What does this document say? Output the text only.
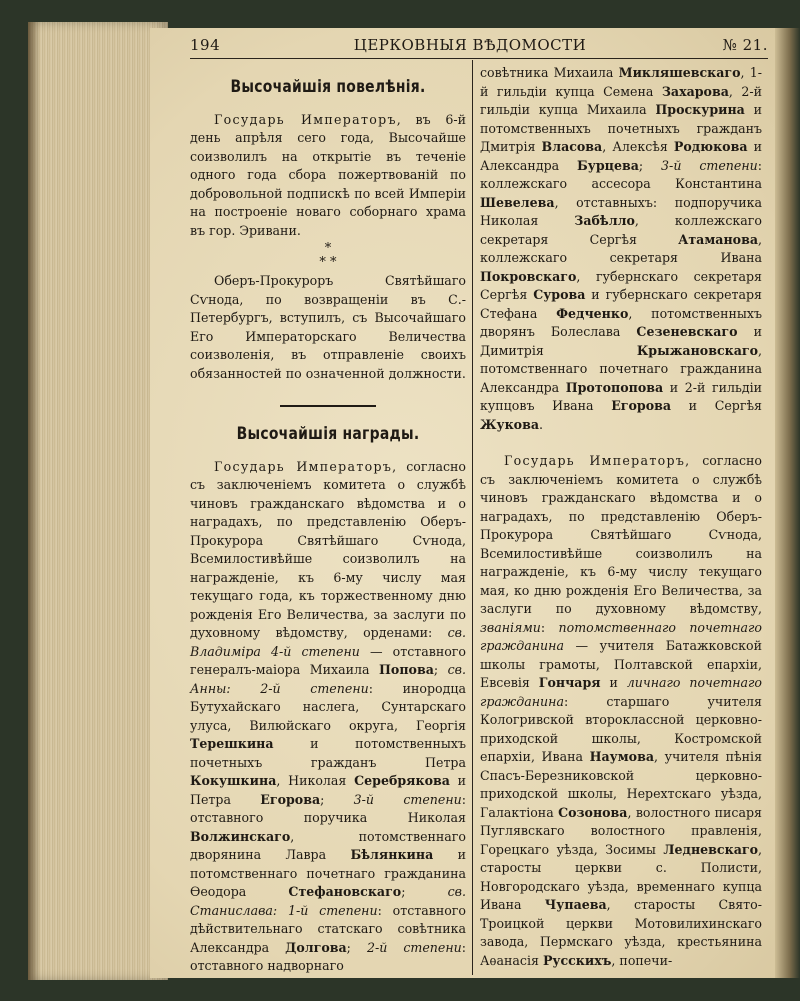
194	ЦЕРКОВНЫЯ ВѢДОМОСТИ	№ 21.
Высочайшія повелѣнія.

Государь Императоръ, въ 6-й день апрѣля сего года, Высочайше соизволилъ на открытіе въ теченіе одного года сбора пожертвованій по добровольной подпискѣ по всей Имперіи на построеніе новаго соборнаго храма въ гор. Эривани.

*
* *

Оберъ-Прокуроръ Святѣйшаго Сѵнода, по возвращеніи въ С.-Петербургъ, вступилъ, съ Высочайшаго Его Императорскаго Величества соизволенія, въ отправленіе своихъ обязанностей по означенной должности.

Высочайшія награды.

Государь Императоръ, согласно съ заключеніемъ комитета о службѣ чиновъ гражданскаго вѣдомства и о наградахъ, по представленію Оберъ-Прокурора Святѣйшаго Сѵнода, Всемилостивѣйше соизволилъ на награжденіе, къ 6-му числу мая текущаго года, къ торжественному дню рожденія Его Величества, за заслуги по духовному вѣдомству, орденами: св. Владиміра 4-й степени — отставного генералъ-маіора Михаила Попова; св. Анны: 2-й степени: инородца Бутухайскаго наслега, Сунтарскаго улуса, Вилюйскаго округа, Георгія Терешкина и потомственныхъ почетныхъ гражданъ Петра Кокушкина, Николая Серебрякова и Петра Егорова; 3-й степени: отставного поручика Николая Волжинскаго, потомственнаго дворянина Лавра Бѣлянкина и потомственнаго почетнаго гражданина Ѳеодора Стефановскаго; св. Станислава: 1-й степени: отставного дѣйствительнаго статскаго совѣтника Александра Долгова; 2-й степени: отставного надворнаго

совѣтника Михаила Микляшевскаго, 1-й гильдіи купца Семена Захарова, 2-й гильдіи купца Михаила Проскурина и потомственныхъ почетныхъ гражданъ Дмитрія Власова, Алексѣя Родюкова и Александра Бурцева; 3-й степени: коллежскаго ассесора Константина Шевелева, отставныхъ: подпоручика Николая Забѣлло, коллежскаго секретаря Сергѣя Атаманова, коллежскаго секретаря Ивана Покровскаго, губернскаго секретаря Сергѣя Сурова и губернскаго секретаря Стефана Федченко, потомственныхъ дворянъ Болеслава Сезеневскаго и Димитрія Крыжановскаго, потомственнаго почетнаго гражданина Александра Протопопова и 2-й гильдіи купцовъ Ивана Егорова и Сергѣя Жукова.

Государь Императоръ, согласно съ заключеніемъ комитета о службѣ чиновъ гражданскаго вѣдомства и о наградахъ, по представленію Оберъ-Прокурора Святѣйшаго Сѵнода, Всемилостивѣйше соизволилъ на награжденіе, къ 6-му числу текущаго мая, ко дню рожденія Его Величества, за заслуги по духовному вѣдомству, званіями: потомственнаго почетнаго гражданина — учителя Батажковской школы грамоты, Полтавской епархіи, Евсевія Гончаря и личнаго почетнаго гражданина: старшаго учителя Кологривской второклассной церковно-приходской школы, Костромской епархіи, Ивана Наумова, учителя пѣнія Спасъ-Березниковской церковно-приходской школы, Нерехтскаго уѣзда, Галактіона Созонова, волостного писаря Пуглявскаго волостного правленія, Горецкаго уѣзда, Зосимы Ледневскаго, старосты церкви с. Полисти, Новгородскаго уѣзда, временнаго купца Ивана Чупаева, старосты Свято-Троицкой церкви Мотовилихинскаго завода, Пермскаго уѣзда, крестьянина Аѳанасія Русскихъ, попечи-
